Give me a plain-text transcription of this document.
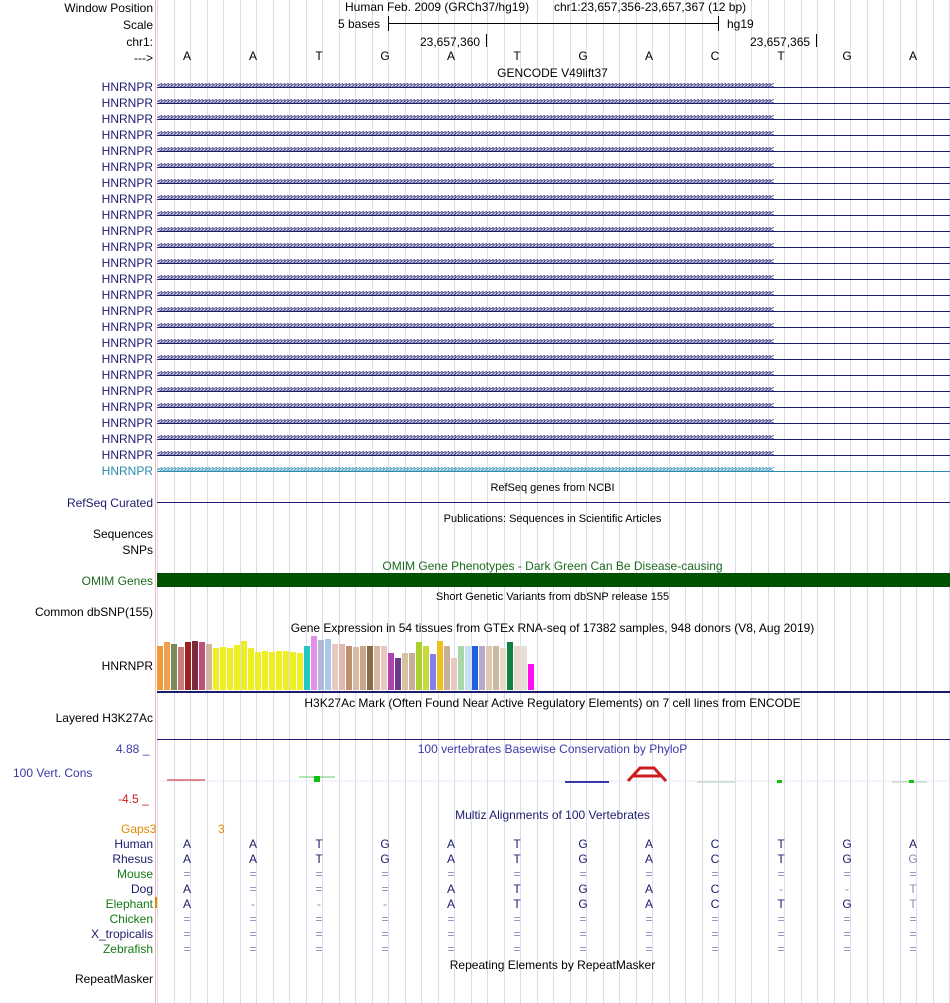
Window Position
Scale
chr1:
--->
Human Feb. 2009 (GRCh37/hg19) chr1:23,657,356-23,657,367 (12 bp)
5 bases	hg19
23,657,360	23,657,365
A	A	T	G	A	T	G	A	C	T	G	A
GENCODE V49lift37
HNRNPR <<<<<<<<<<<<<<<<<<<<<<<<<<<<<<<<<<<<<<<<<<<<<<<<<<<<<<<<<<<<<<<<<<<<<<<<<<<<<<<<<<<<<<<<<<<<<<<<<<<<<<<<<<<<<<<<<<<<<<<<<<<<<<<<<<<<<<<<<<<<<<<<<<<<<<<<<<<<<<<<<<<<<<<<<<<<<<<<<<<<
HNRNPR <<<<<<<<<<<<<<<<<<<<<<<<<<<<<<<<<<<<<<<<<<<<<<<<<<<<<<<<<<<<<<<<<<<<<<<<<<<<<<<<<<<<<<<<<<<<<<<<<<<<<<<<<<<<<<<<<<<<<<<<<<<<<<<<<<<<<<<<<<<<<<<<<<<<<<<<<<<<<<<<<<<<<<<<<<<<<<<<<<<<
HNRNPR <<<<<<<<<<<<<<<<<<<<<<<<<<<<<<<<<<<<<<<<<<<<<<<<<<<<<<<<<<<<<<<<<<<<<<<<<<<<<<<<<<<<<<<<<<<<<<<<<<<<<<<<<<<<<<<<<<<<<<<<<<<<<<<<<<<<<<<<<<<<<<<<<<<<<<<<<<<<<<<<<<<<<<<<<<<<<<<<<<<<
HNRNPR <<<<<<<<<<<<<<<<<<<<<<<<<<<<<<<<<<<<<<<<<<<<<<<<<<<<<<<<<<<<<<<<<<<<<<<<<<<<<<<<<<<<<<<<<<<<<<<<<<<<<<<<<<<<<<<<<<<<<<<<<<<<<<<<<<<<<<<<<<<<<<<<<<<<<<<<<<<<<<<<<<<<<<<<<<<<<<<<<<<<
HNRNPR <<<<<<<<<<<<<<<<<<<<<<<<<<<<<<<<<<<<<<<<<<<<<<<<<<<<<<<<<<<<<<<<<<<<<<<<<<<<<<<<<<<<<<<<<<<<<<<<<<<<<<<<<<<<<<<<<<<<<<<<<<<<<<<<<<<<<<<<<<<<<<<<<<<<<<<<<<<<<<<<<<<<<<<<<<<<<<<<<<<<
HNRNPR <<<<<<<<<<<<<<<<<<<<<<<<<<<<<<<<<<<<<<<<<<<<<<<<<<<<<<<<<<<<<<<<<<<<<<<<<<<<<<<<<<<<<<<<<<<<<<<<<<<<<<<<<<<<<<<<<<<<<<<<<<<<<<<<<<<<<<<<<<<<<<<<<<<<<<<<<<<<<<<<<<<<<<<<<<<<<<<<<<<<
HNRNPR <<<<<<<<<<<<<<<<<<<<<<<<<<<<<<<<<<<<<<<<<<<<<<<<<<<<<<<<<<<<<<<<<<<<<<<<<<<<<<<<<<<<<<<<<<<<<<<<<<<<<<<<<<<<<<<<<<<<<<<<<<<<<<<<<<<<<<<<<<<<<<<<<<<<<<<<<<<<<<<<<<<<<<<<<<<<<<<<<<<<
HNRNPR <<<<<<<<<<<<<<<<<<<<<<<<<<<<<<<<<<<<<<<<<<<<<<<<<<<<<<<<<<<<<<<<<<<<<<<<<<<<<<<<<<<<<<<<<<<<<<<<<<<<<<<<<<<<<<<<<<<<<<<<<<<<<<<<<<<<<<<<<<<<<<<<<<<<<<<<<<<<<<<<<<<<<<<<<<<<<<<<<<<<
HNRNPR <<<<<<<<<<<<<<<<<<<<<<<<<<<<<<<<<<<<<<<<<<<<<<<<<<<<<<<<<<<<<<<<<<<<<<<<<<<<<<<<<<<<<<<<<<<<<<<<<<<<<<<<<<<<<<<<<<<<<<<<<<<<<<<<<<<<<<<<<<<<<<<<<<<<<<<<<<<<<<<<<<<<<<<<<<<<<<<<<<<<
HNRNPR <<<<<<<<<<<<<<<<<<<<<<<<<<<<<<<<<<<<<<<<<<<<<<<<<<<<<<<<<<<<<<<<<<<<<<<<<<<<<<<<<<<<<<<<<<<<<<<<<<<<<<<<<<<<<<<<<<<<<<<<<<<<<<<<<<<<<<<<<<<<<<<<<<<<<<<<<<<<<<<<<<<<<<<<<<<<<<<<<<<<
HNRNPR <<<<<<<<<<<<<<<<<<<<<<<<<<<<<<<<<<<<<<<<<<<<<<<<<<<<<<<<<<<<<<<<<<<<<<<<<<<<<<<<<<<<<<<<<<<<<<<<<<<<<<<<<<<<<<<<<<<<<<<<<<<<<<<<<<<<<<<<<<<<<<<<<<<<<<<<<<<<<<<<<<<<<<<<<<<<<<<<<<<<
HNRNPR <<<<<<<<<<<<<<<<<<<<<<<<<<<<<<<<<<<<<<<<<<<<<<<<<<<<<<<<<<<<<<<<<<<<<<<<<<<<<<<<<<<<<<<<<<<<<<<<<<<<<<<<<<<<<<<<<<<<<<<<<<<<<<<<<<<<<<<<<<<<<<<<<<<<<<<<<<<<<<<<<<<<<<<<<<<<<<<<<<<<
HNRNPR <<<<<<<<<<<<<<<<<<<<<<<<<<<<<<<<<<<<<<<<<<<<<<<<<<<<<<<<<<<<<<<<<<<<<<<<<<<<<<<<<<<<<<<<<<<<<<<<<<<<<<<<<<<<<<<<<<<<<<<<<<<<<<<<<<<<<<<<<<<<<<<<<<<<<<<<<<<<<<<<<<<<<<<<<<<<<<<<<<<<
HNRNPR <<<<<<<<<<<<<<<<<<<<<<<<<<<<<<<<<<<<<<<<<<<<<<<<<<<<<<<<<<<<<<<<<<<<<<<<<<<<<<<<<<<<<<<<<<<<<<<<<<<<<<<<<<<<<<<<<<<<<<<<<<<<<<<<<<<<<<<<<<<<<<<<<<<<<<<<<<<<<<<<<<<<<<<<<<<<<<<<<<<<
HNRNPR <<<<<<<<<<<<<<<<<<<<<<<<<<<<<<<<<<<<<<<<<<<<<<<<<<<<<<<<<<<<<<<<<<<<<<<<<<<<<<<<<<<<<<<<<<<<<<<<<<<<<<<<<<<<<<<<<<<<<<<<<<<<<<<<<<<<<<<<<<<<<<<<<<<<<<<<<<<<<<<<<<<<<<<<<<<<<<<<<<<<
HNRNPR <<<<<<<<<<<<<<<<<<<<<<<<<<<<<<<<<<<<<<<<<<<<<<<<<<<<<<<<<<<<<<<<<<<<<<<<<<<<<<<<<<<<<<<<<<<<<<<<<<<<<<<<<<<<<<<<<<<<<<<<<<<<<<<<<<<<<<<<<<<<<<<<<<<<<<<<<<<<<<<<<<<<<<<<<<<<<<<<<<<<
HNRNPR <<<<<<<<<<<<<<<<<<<<<<<<<<<<<<<<<<<<<<<<<<<<<<<<<<<<<<<<<<<<<<<<<<<<<<<<<<<<<<<<<<<<<<<<<<<<<<<<<<<<<<<<<<<<<<<<<<<<<<<<<<<<<<<<<<<<<<<<<<<<<<<<<<<<<<<<<<<<<<<<<<<<<<<<<<<<<<<<<<<<
HNRNPR <<<<<<<<<<<<<<<<<<<<<<<<<<<<<<<<<<<<<<<<<<<<<<<<<<<<<<<<<<<<<<<<<<<<<<<<<<<<<<<<<<<<<<<<<<<<<<<<<<<<<<<<<<<<<<<<<<<<<<<<<<<<<<<<<<<<<<<<<<<<<<<<<<<<<<<<<<<<<<<<<<<<<<<<<<<<<<<<<<<<
HNRNPR <<<<<<<<<<<<<<<<<<<<<<<<<<<<<<<<<<<<<<<<<<<<<<<<<<<<<<<<<<<<<<<<<<<<<<<<<<<<<<<<<<<<<<<<<<<<<<<<<<<<<<<<<<<<<<<<<<<<<<<<<<<<<<<<<<<<<<<<<<<<<<<<<<<<<<<<<<<<<<<<<<<<<<<<<<<<<<<<<<<<
HNRNPR <<<<<<<<<<<<<<<<<<<<<<<<<<<<<<<<<<<<<<<<<<<<<<<<<<<<<<<<<<<<<<<<<<<<<<<<<<<<<<<<<<<<<<<<<<<<<<<<<<<<<<<<<<<<<<<<<<<<<<<<<<<<<<<<<<<<<<<<<<<<<<<<<<<<<<<<<<<<<<<<<<<<<<<<<<<<<<<<<<<<
HNRNPR <<<<<<<<<<<<<<<<<<<<<<<<<<<<<<<<<<<<<<<<<<<<<<<<<<<<<<<<<<<<<<<<<<<<<<<<<<<<<<<<<<<<<<<<<<<<<<<<<<<<<<<<<<<<<<<<<<<<<<<<<<<<<<<<<<<<<<<<<<<<<<<<<<<<<<<<<<<<<<<<<<<<<<<<<<<<<<<<<<<<
HNRNPR <<<<<<<<<<<<<<<<<<<<<<<<<<<<<<<<<<<<<<<<<<<<<<<<<<<<<<<<<<<<<<<<<<<<<<<<<<<<<<<<<<<<<<<<<<<<<<<<<<<<<<<<<<<<<<<<<<<<<<<<<<<<<<<<<<<<<<<<<<<<<<<<<<<<<<<<<<<<<<<<<<<<<<<<<<<<<<<<<<<<
HNRNPR <<<<<<<<<<<<<<<<<<<<<<<<<<<<<<<<<<<<<<<<<<<<<<<<<<<<<<<<<<<<<<<<<<<<<<<<<<<<<<<<<<<<<<<<<<<<<<<<<<<<<<<<<<<<<<<<<<<<<<<<<<<<<<<<<<<<<<<<<<<<<<<<<<<<<<<<<<<<<<<<<<<<<<<<<<<<<<<<<<<<
HNRNPR <<<<<<<<<<<<<<<<<<<<<<<<<<<<<<<<<<<<<<<<<<<<<<<<<<<<<<<<<<<<<<<<<<<<<<<<<<<<<<<<<<<<<<<<<<<<<<<<<<<<<<<<<<<<<<<<<<<<<<<<<<<<<<<<<<<<<<<<<<<<<<<<<<<<<<<<<<<<<<<<<<<<<<<<<<<<<<<<<<<<
HNRNPR <<<<<<<<<<<<<<<<<<<<<<<<<<<<<<<<<<<<<<<<<<<<<<<<<<<<<<<<<<<<<<<<<<<<<<<<<<<<<<<<<<<<<<<<<<<<<<<<<<<<<<<<<<<<<<<<<<<<<<<<<<<<<<<<<<<<<<<<<<<<<<<<<<<<<<<<<<<<<<<<<<<<<<<<<<<<<<<<<<<<
RefSeq genes from NCBI
RefSeq Curated
Publications: Sequences in Scientific Articles
Sequences
SNPs
OMIM Gene Phenotypes - Dark Green Can Be Disease-causing
OMIM Genes
Short Genetic Variants from dbSNP release 155
Common dbSNP(155)
Gene Expression in 54 tissues from GTEx RNA-seq of 17382 samples, 948 donors (V8, Aug 2019)
HNRNPR
H3K27Ac Mark (Often Found Near Active Regulatory Elements) on 7 cell lines from ENCODE
Layered H3K27Ac
100 vertebrates Basewise Conservation by PhyloP
4.88 _
100 Vert. Cons
-4.5 _
Multiz Alignments of 100 Vertebrates
Gaps3	3
Human	A	A	T	G	A	T	G	A	C	T	G	A
Rhesus	A	A	T	G	A	T	G	A	C	T	G	G
Mouse	=	=	=	=	=	=	=	=	=	=	=	=
Dog	A	=	=	=	A	T	G	A	C	-	-	T
Elephant	A	-	-	-	A	T	G	A	C	T	G	T
Chicken	=	=	=	=	=	=	=	=	=	=	=	=
X_tropicalis	=	=	=	=	=	=	=	=	=	=	=	=
Zebrafish	=	=	=	=	=	=	=	=	=	=	=	=
Repeating Elements by RepeatMasker
RepeatMasker
